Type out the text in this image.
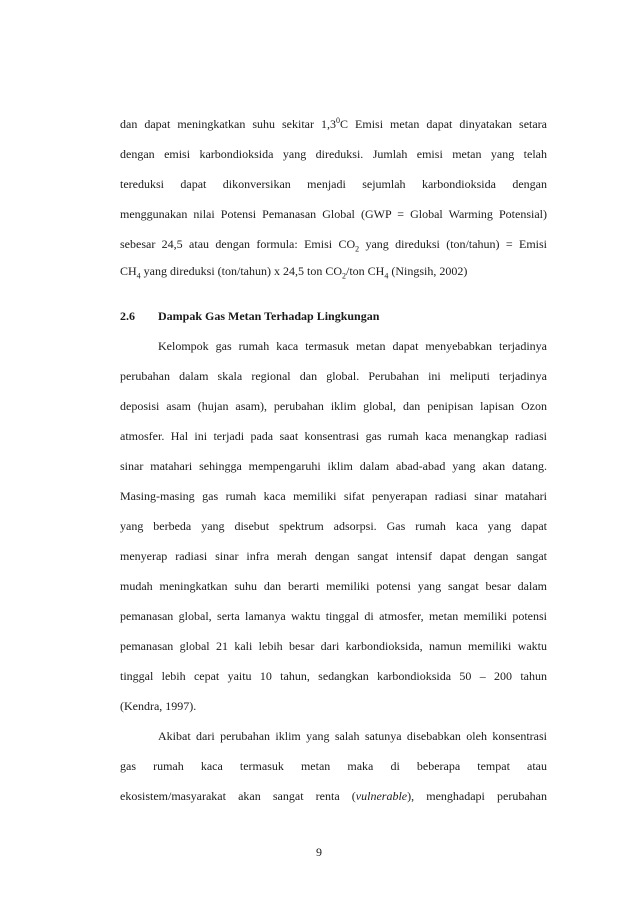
dan dapat meningkatkan suhu sekitar $1,3^0C$ Emisi metan dapat dinyatakan setara
dengan emisi karbondioksida yang direduksi. Jumlah emisi metan yang telah
tereduksi dapat dikonversikan menjadi sejumlah karbondioksida dengan
menggunakan nilai Potensi Pemanasan Global (GWP = Global Warming Potensial)
sebesar 24,5 atau dengan formula: Emisi $CO_2$ yang direduksi (ton/tahun) = Emisi
$CH_4$ yang direduksi (ton/tahun) x 24,5 ton $CO_2$/ton $CH_4$ (Ningsih, 2002)
2.6 Dampak Gas Metan Terhadap Lingkungan
Kelompok gas rumah kaca termasuk metan dapat menyebabkan terjadinya
perubahan dalam skala regional dan global. Perubahan ini meliputi terjadinya
deposisi asam (hujan asam), perubahan iklim global, dan penipisan lapisan Ozon
atmosfer. Hal ini terjadi pada saat konsentrasi gas rumah kaca menangkap radiasi
sinar matahari sehingga mempengaruhi iklim dalam abad-abad yang akan datang.
Masing-masing gas rumah kaca memiliki sifat penyerapan radiasi sinar matahari
yang berbeda yang disebut spektrum adsorpsi. Gas rumah kaca yang dapat
menyerap radiasi sinar infra merah dengan sangat intensif dapat dengan sangat
mudah meningkatkan suhu dan berarti memiliki potensi yang sangat besar dalam
pemanasan global, serta lamanya waktu tinggal di atmosfer, metan memiliki potensi
pemanasan global 21 kali lebih besar dari karbondioksida, namun memiliki waktu
tinggal lebih cepat yaitu 10 tahun, sedangkan karbondioksida 50 – 200 tahun
(Kendra, 1997).
Akibat dari perubahan iklim yang salah satunya disebabkan oleh konsentrasi
gas rumah kaca termasuk metan maka di beberapa tempat atau
ekosistem/masyarakat akan sangat renta (vulnerable), menghadapi perubahan
9
